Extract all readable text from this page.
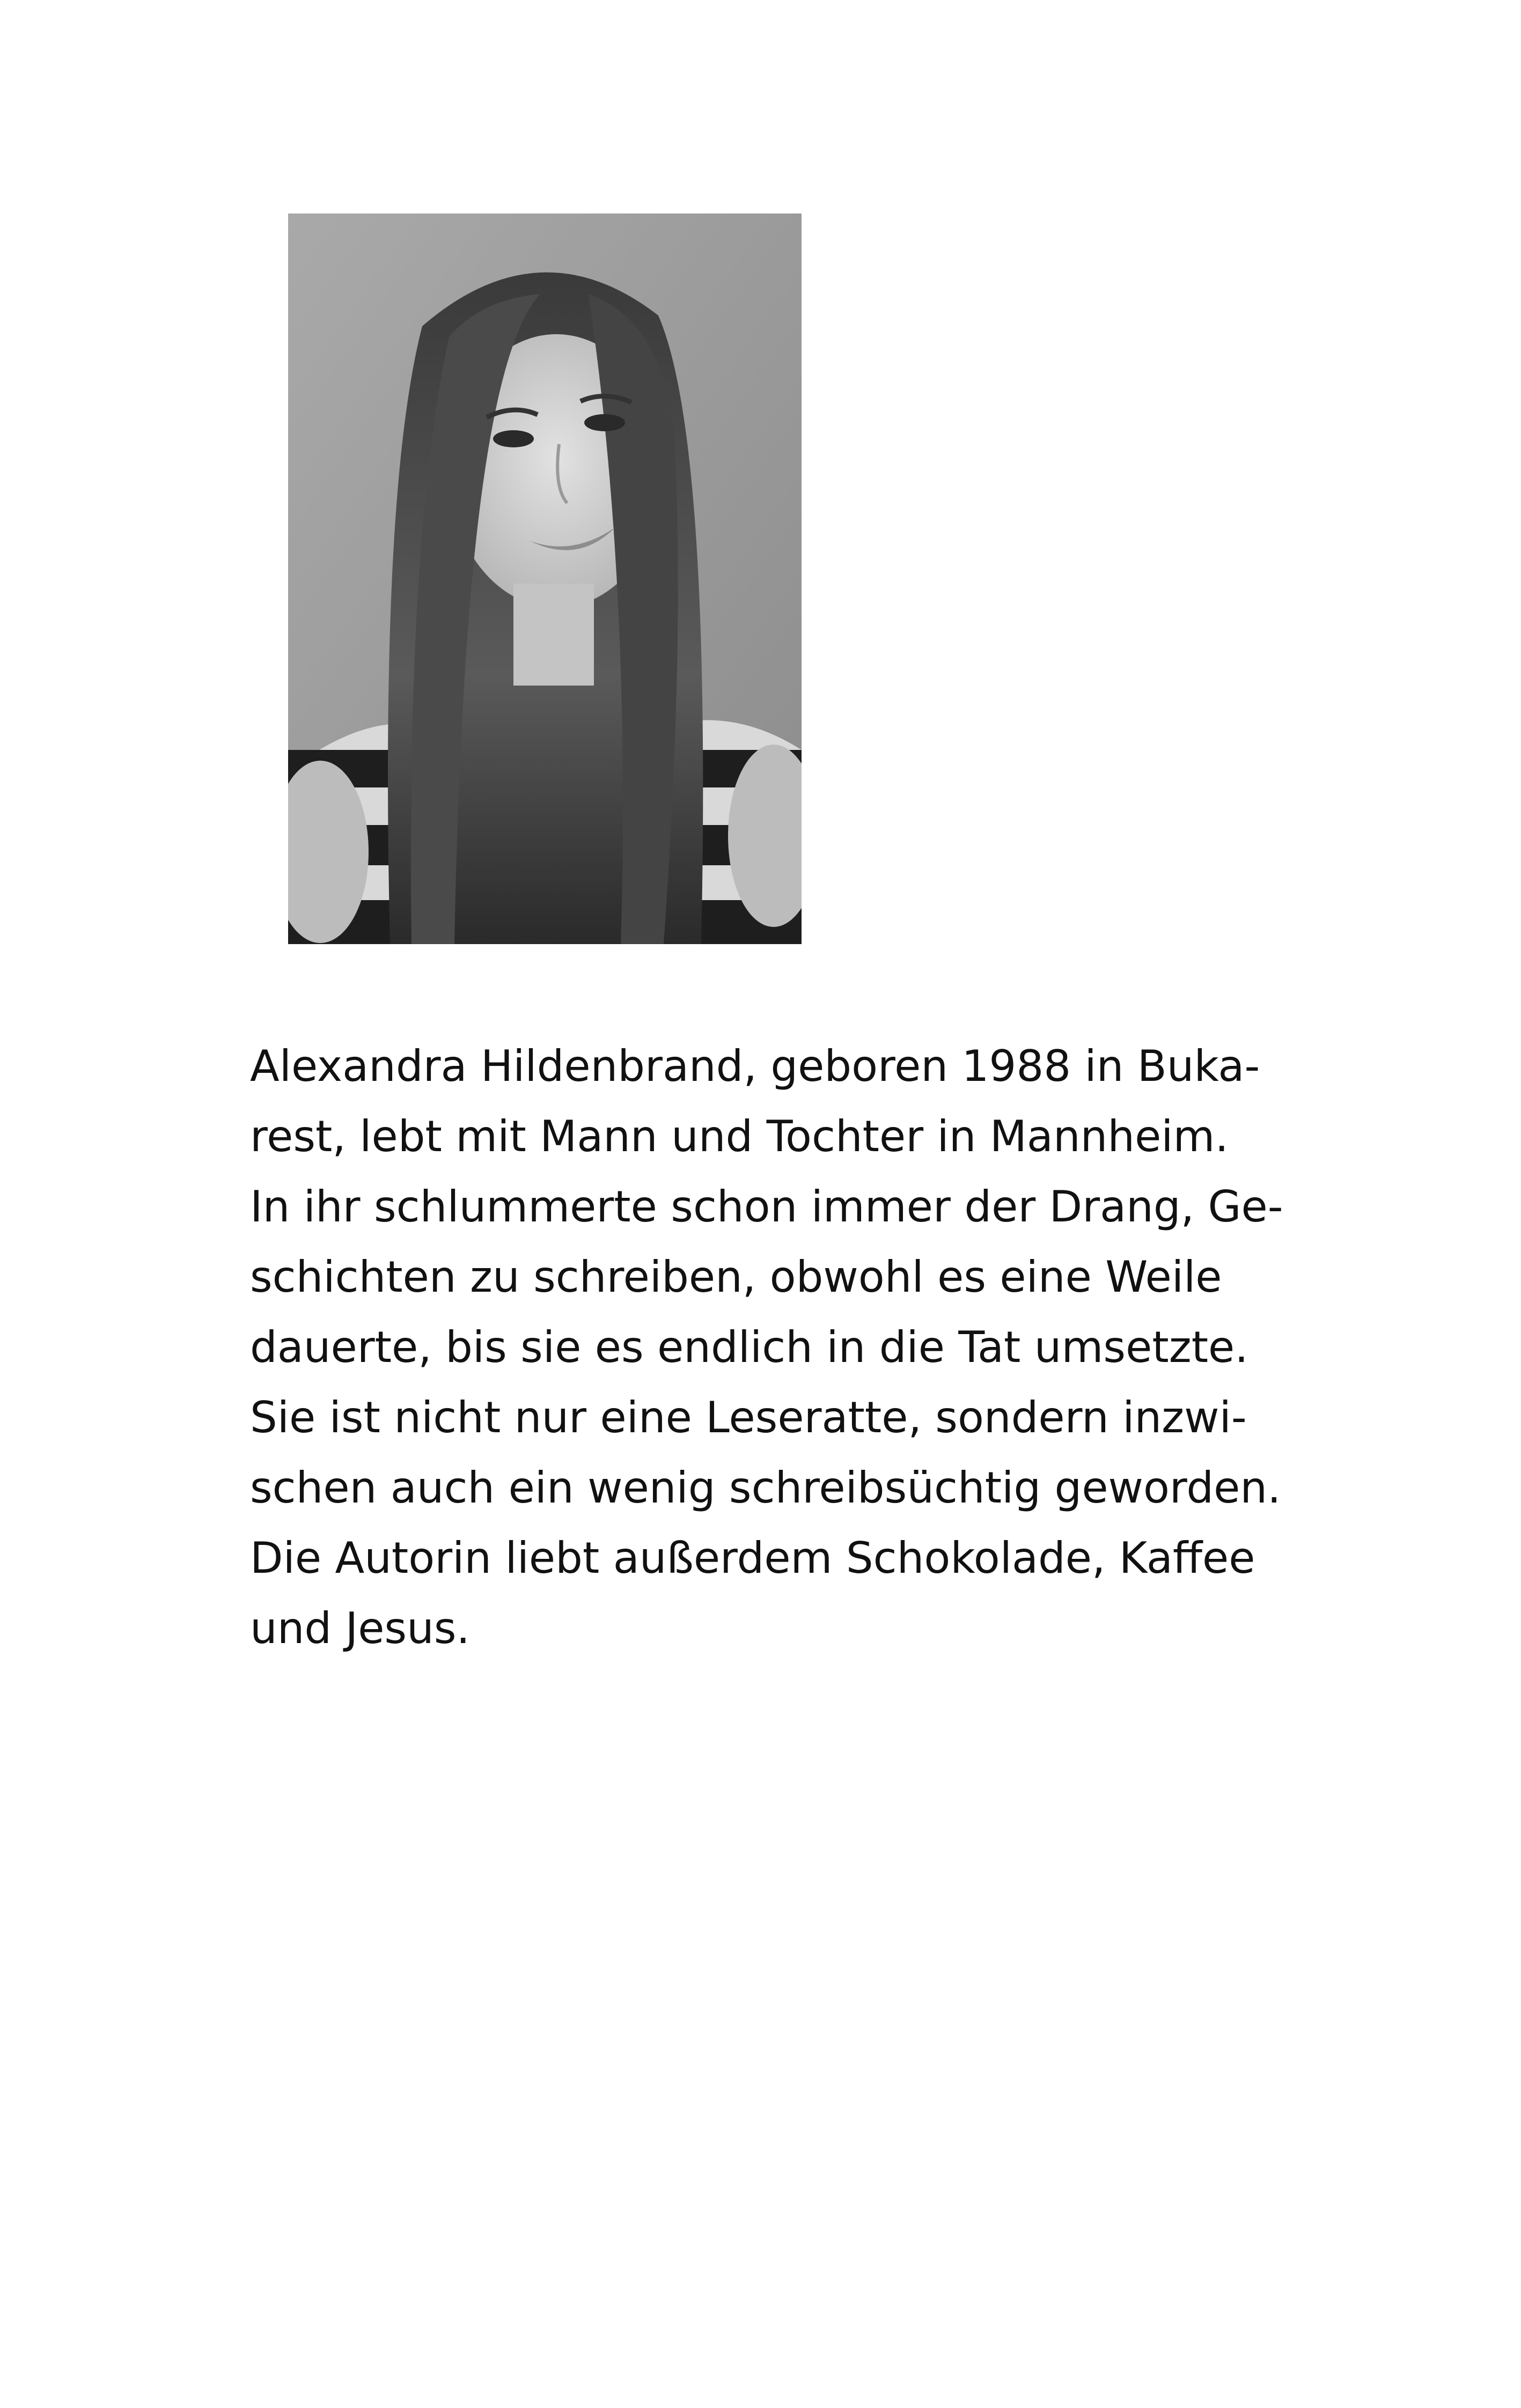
Alexandra Hildenbrand, geboren 1988 in Buka-
rest, lebt mit Mann und Tochter in Mannheim.
In ihr schlummerte schon immer der Drang, Ge-
schichten zu schreiben, obwohl es eine Weile
dauerte, bis sie es endlich in die Tat umsetzte.
Sie ist nicht nur eine Leseratte, sondern inzwi-
schen auch ein wenig schreibsüchtig geworden.
Die Autorin liebt außerdem Schokolade, Kaffee
und Jesus.
